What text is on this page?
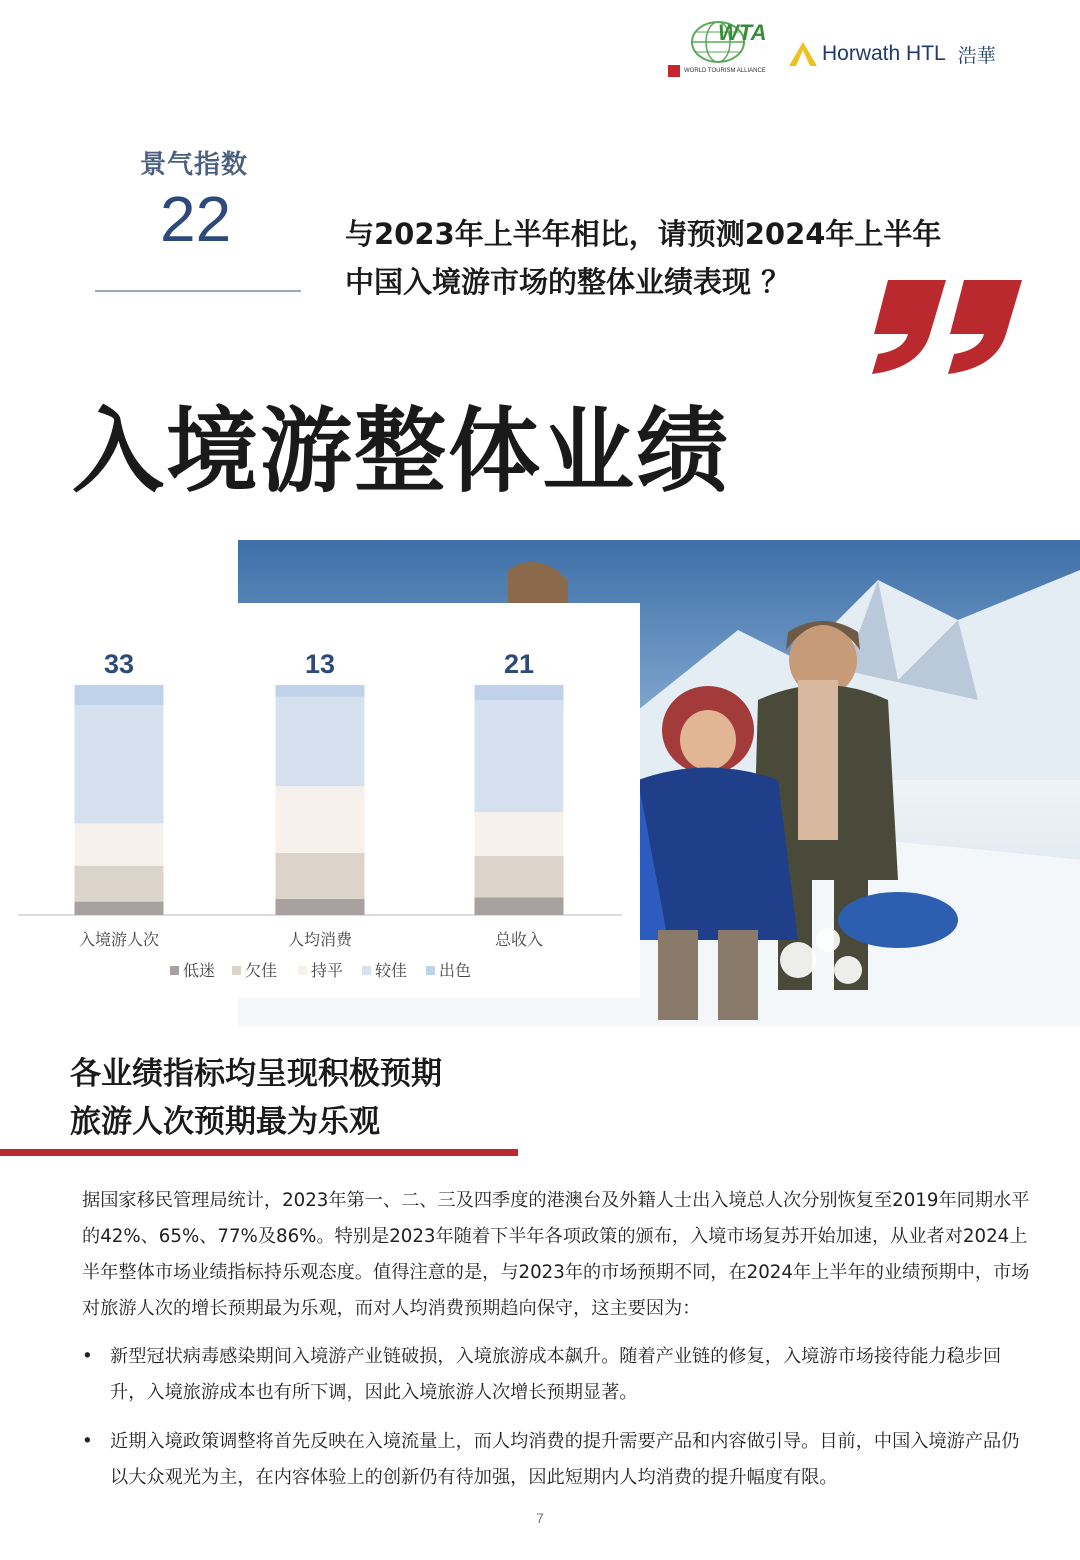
WTA
WORLD TOURISM ALLIANCE
Horwath HTL 浩華
景气指数
22	与2023年上半年相比，请预测2024年上半年
中国入境游市场的整体业绩表现 ？
入境游整体业绩
33
入境游人次
13
人均消费
21
总收入
低迷 欠佳 持平 较佳 出色
各业绩指标均呈现积极预期
旅游人次预期最为乐观
据国家移民管理局统计，2023年第一、二、三及四季度的港澳台及外籍人士出入境总人次分别恢复至2019年同期水平的42%、65%、77%及86%。特别是2023年随着下半年各项政策的颁布，入境市场复苏开始加速，从业者对2024上半年整体市场业绩指标持乐观态度。值得注意的是，与2023年的市场预期不同，在2024年上半年的业绩预期中，市场对旅游人次的增长预期最为乐观，而对人均消费预期趋向保守，这主要因为：
• 新型冠状病毒感染期间入境游产业链破损，入境旅游成本飙升。随着产业链的修复，入境游市场接待能力稳步回升，入境旅游成本也有所下调，因此入境旅游人次增长预期显著。
• 近期入境政策调整将首先反映在入境流量上，而人均消费的提升需要产品和内容做引导。目前，中国入境游产品仍以大众观光为主，在内容体验上的创新仍有待加强，因此短期内人均消费的提升幅度有限。
7
